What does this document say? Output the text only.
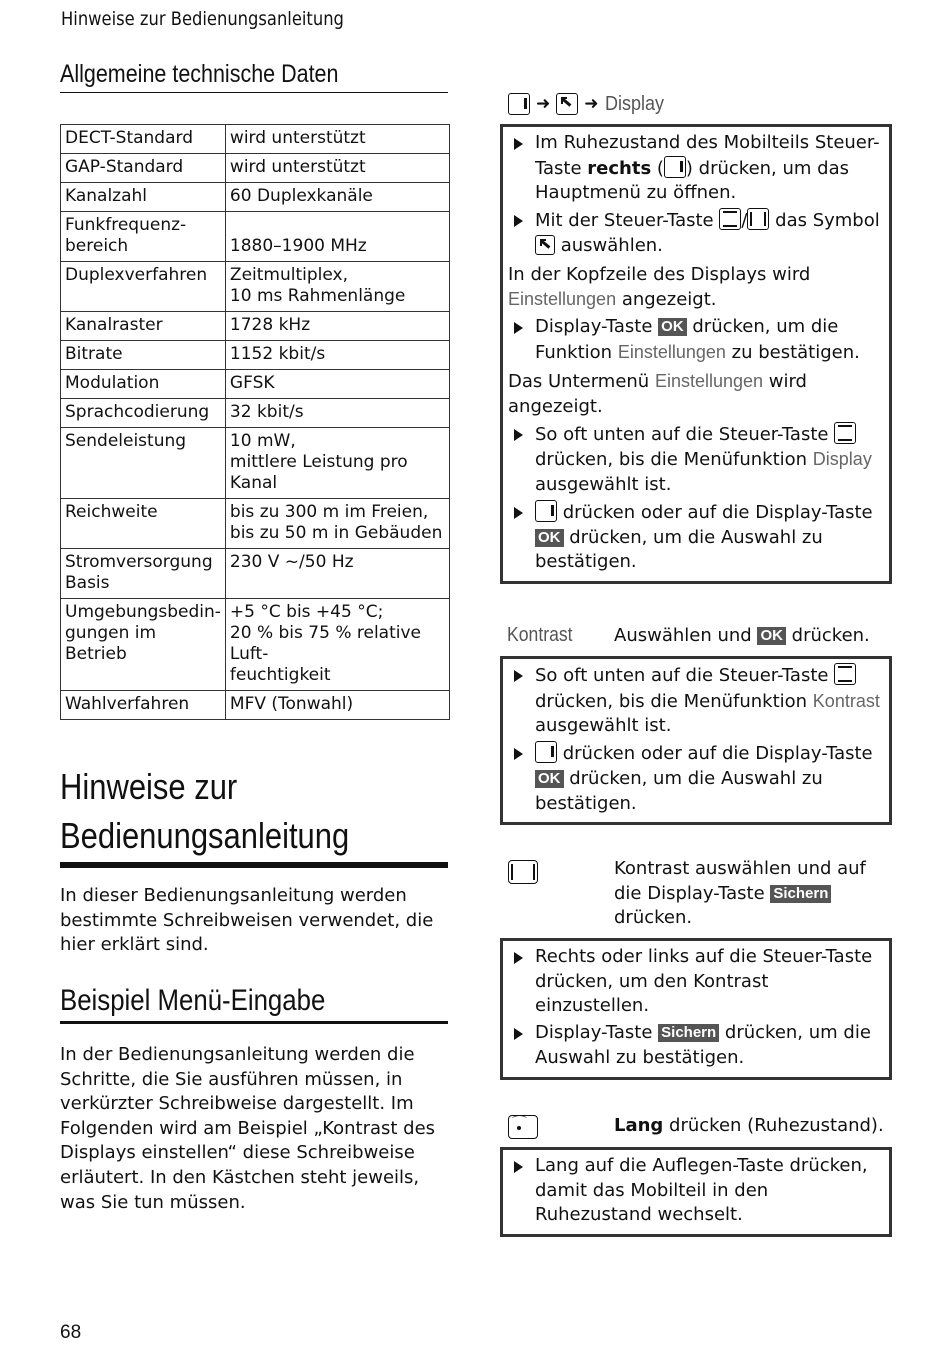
Hinweise zur Bedienungsanleitung
Allgemeine technische Daten
DECT-Standard	wird unterstützt
GAP-Standard	wird unterstützt
Kanalzahl	60 Duplexkanäle
Funkfrequenz-
bereich	1880–1900 MHz
Duplexverfahren	Zeitmultiplex,
10 ms Rahmenlänge
Kanalraster	1728 kHz
Bitrate	1152 kbit/s
Modulation	GFSK
Sprachcodierung	32 kbit/s
Sendeleistung	10 mW,
mittlere Leistung pro Kanal
Reichweite	bis zu 300 m im Freien,
bis zu 50 m in Gebäuden
Stromversorgung
Basis	230 V ~/50 Hz
Umgebungsbedin-
gungen im Betrieb	+5 °C bis +45 °C;
20 % bis 75 % relative Luft-
feuchtigkeit
Wahlverfahren	MFV (Tonwahl)
Hinweise zur
Bedienungsanleitung
In dieser Bedienungsanleitung werden bestimmte Schreibweisen verwendet, die hier erklärt sind.
Beispiel Menü-Eingabe
In der Bedienungsanleitung werden die Schritte, die Sie ausführen müssen, in verkürzter Schreibweise dargestellt. Im Folgenden wird am Beispiel „Kontrast des Displays einstellen“ diese Schreibweise erläutert. In den Kästchen steht jeweils, was Sie tun müssen.
➜ ➜ Display
Im Ruhezustand des Mobilteils Steuer-Taste rechts ( ) drücken, um das Hauptmenü zu öffnen.
Mit der Steuer-Taste / das Symbol  auswählen.
In der Kopfzeile des Displays wird Einstellungen angezeigt.
Display-Taste OK drücken, um die Funktion Einstellungen zu bestätigen.
Das Untermenü Einstellungen wird angezeigt.
So oft unten auf die Steuer-Taste  drücken, bis die Menüfunktion Display ausgewählt ist.
drücken oder auf die Display-Taste OK drücken, um die Auswahl zu bestätigen.
Kontrast	Auswählen und OK drücken.
So oft unten auf die Steuer-Taste  drücken, bis die Menüfunktion Kontrast ausgewählt ist.
drücken oder auf die Display-Taste OK drücken, um die Auswahl zu bestätigen.
Kontrast auswählen und auf die Display-Taste Sichern drücken.
Rechts oder links auf die Steuer-Taste drücken, um den Kontrast einzustellen.
Display-Taste Sichern drücken, um die Auswahl zu bestätigen.
⌒
Lang drücken (Ruhezustand).
Lang auf die Auflegen-Taste drücken, damit das Mobilteil in den Ruhezustand wechselt.
68
